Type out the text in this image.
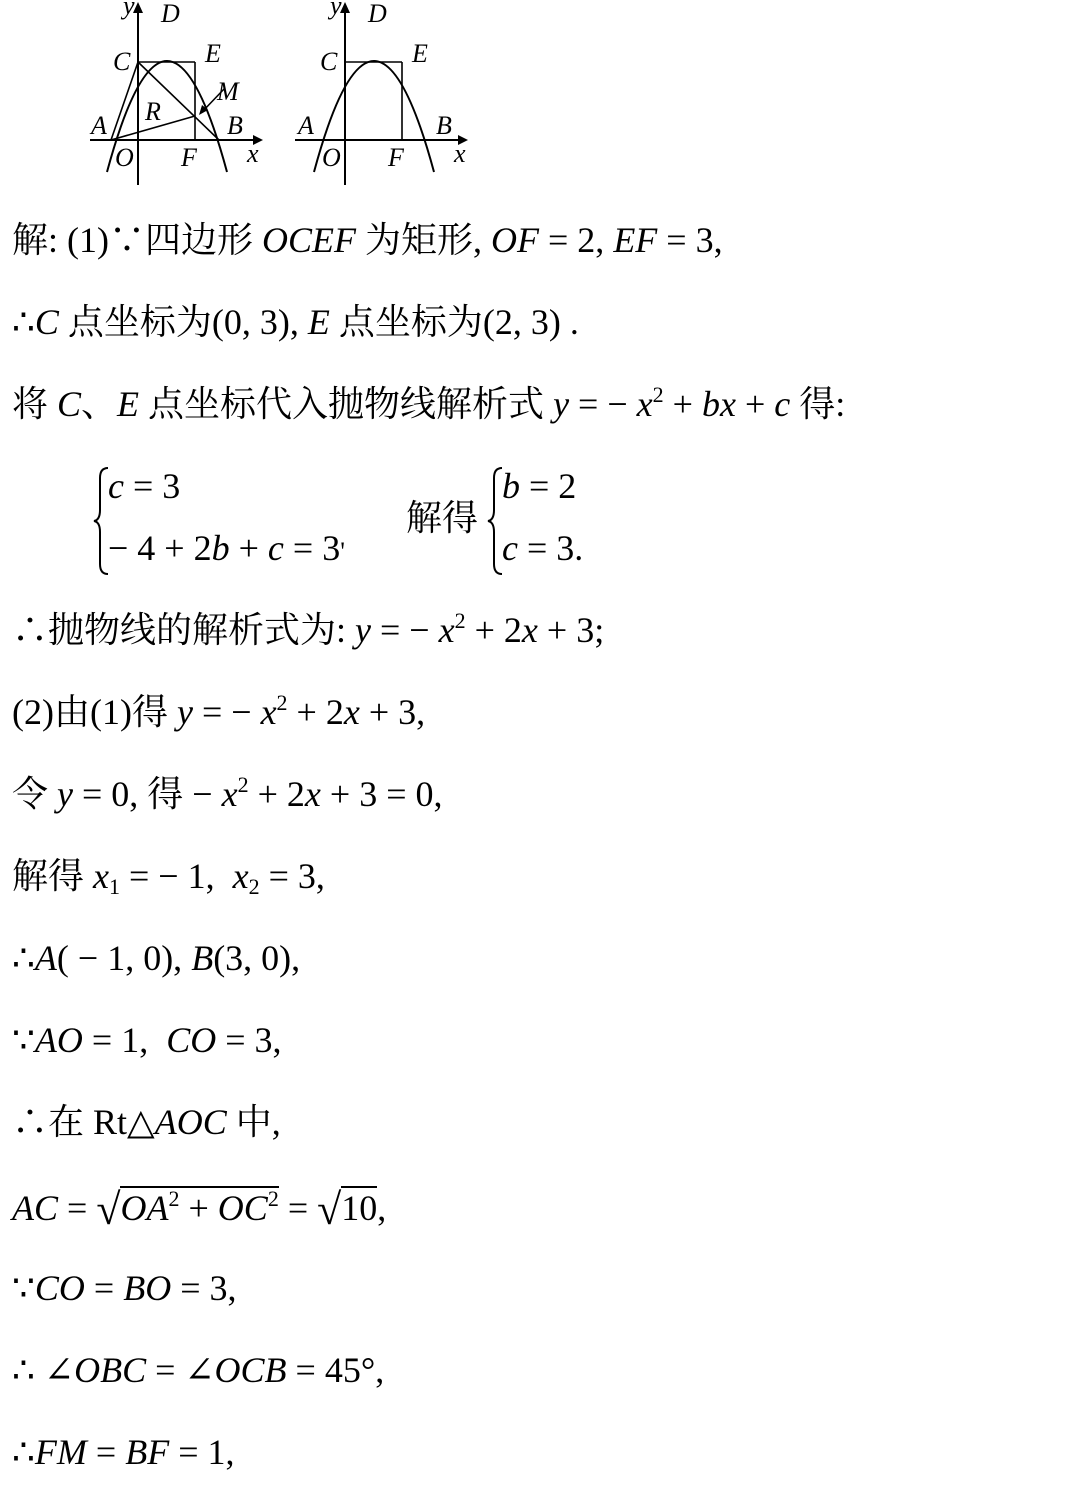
y D
C	E
M
R
A	B
O F x
y D
C	E
A	B
O F x
解: (1)∵四边形 OCEF 为矩形, OF = 2, EF = 3,
∴C 点坐标为(0, 3), E 点坐标为(2, 3) .
将 C、E 点坐标代入抛物线解析式 y = − $x^2$ + bx + c 得:
c = 3
− 4 + 2b + c = 3'
解得
b = 2
c = 3.
∴抛物线的解析式为: y = − $x^2 + 2x + 3$;
(2)由(1)得 y = − $x^2 + 2x + 3$,
令 y = 0, 得 − $x^2 + 2x + 3 = 0$,
解得 $x_1$ = − 1,  $x_2 = 3$,
∴A( − 1, 0), B(3, 0),
∵AO = 1,  CO = 3,
∴在 Rt△AOC 中,
AC = $√OA^2 + OC^2 = √10$,
∵CO = BO = 3,
∴ ∠OBC = ∠OCB = 45°,
∴FM = BF = 1,
